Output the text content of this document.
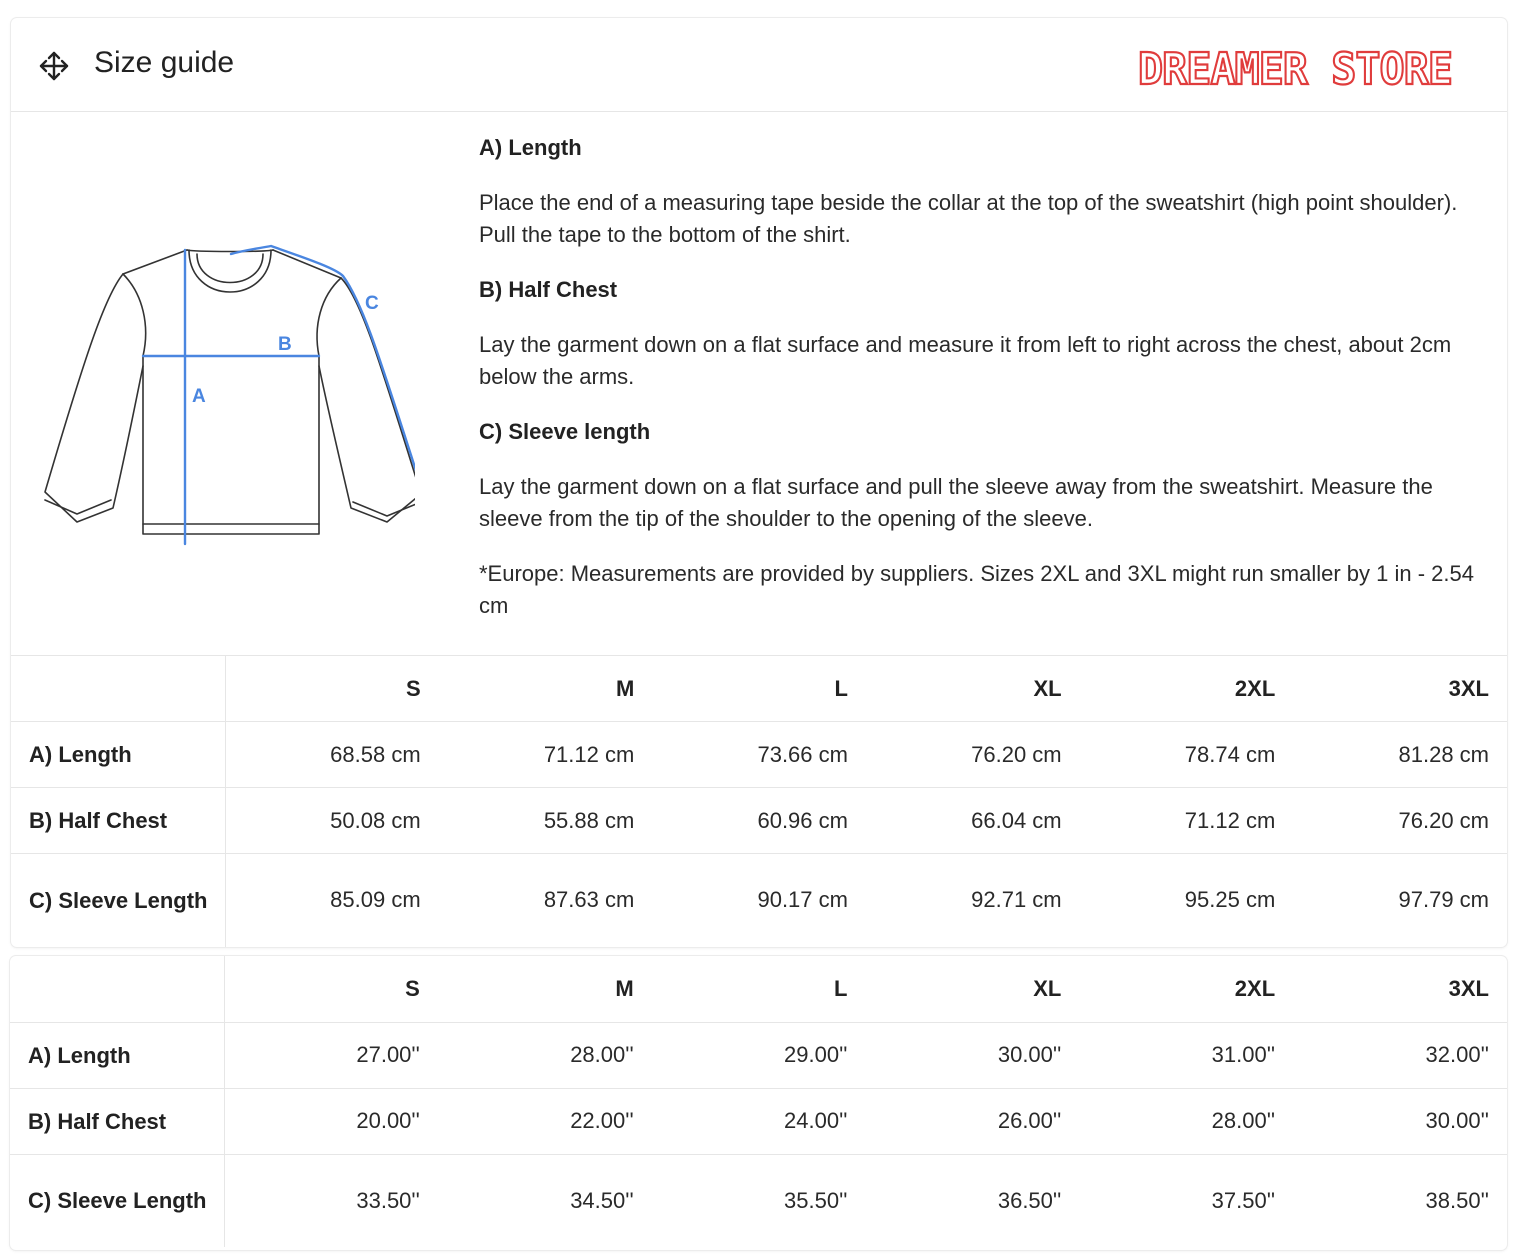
Size guide	DREAMER STORE
A
B
C
A) Length

Place the end of a measuring tape beside the collar at the top of the sweatshirt (high point shoulder). Pull the tape to the bottom of the shirt.

B) Half Chest

Lay the garment down on a flat surface and measure it from left to right across the chest, about 2cm below the arms.

C) Sleeve length

Lay the garment down on a flat surface and pull the sleeve away from the sweatshirt. Measure the sleeve from the tip of the shoulder to the opening of the sleeve.

*Europe: Measurements are provided by suppliers. Sizes 2XL and 3XL might run smaller by 1 in - 2.54 cm

	S	M	L	XL	2XL	3XL
A) Length	68.58 cm	71.12 cm	73.66 cm	76.20 cm	78.74 cm	81.28 cm
B) Half Chest	50.08 cm	55.88 cm	60.96 cm	66.04 cm	71.12 cm	76.20 cm
C) Sleeve Length	85.09 cm	87.63 cm	90.17 cm	92.71 cm	95.25 cm	97.79 cm
	S	M	L	XL	2XL	3XL
A) Length	27.00''	28.00''	29.00''	30.00''	31.00''	32.00''
B) Half Chest	20.00''	22.00''	24.00''	26.00''	28.00''	30.00''
C) Sleeve Length	33.50''	34.50''	35.50''	36.50''	37.50''	38.50''
